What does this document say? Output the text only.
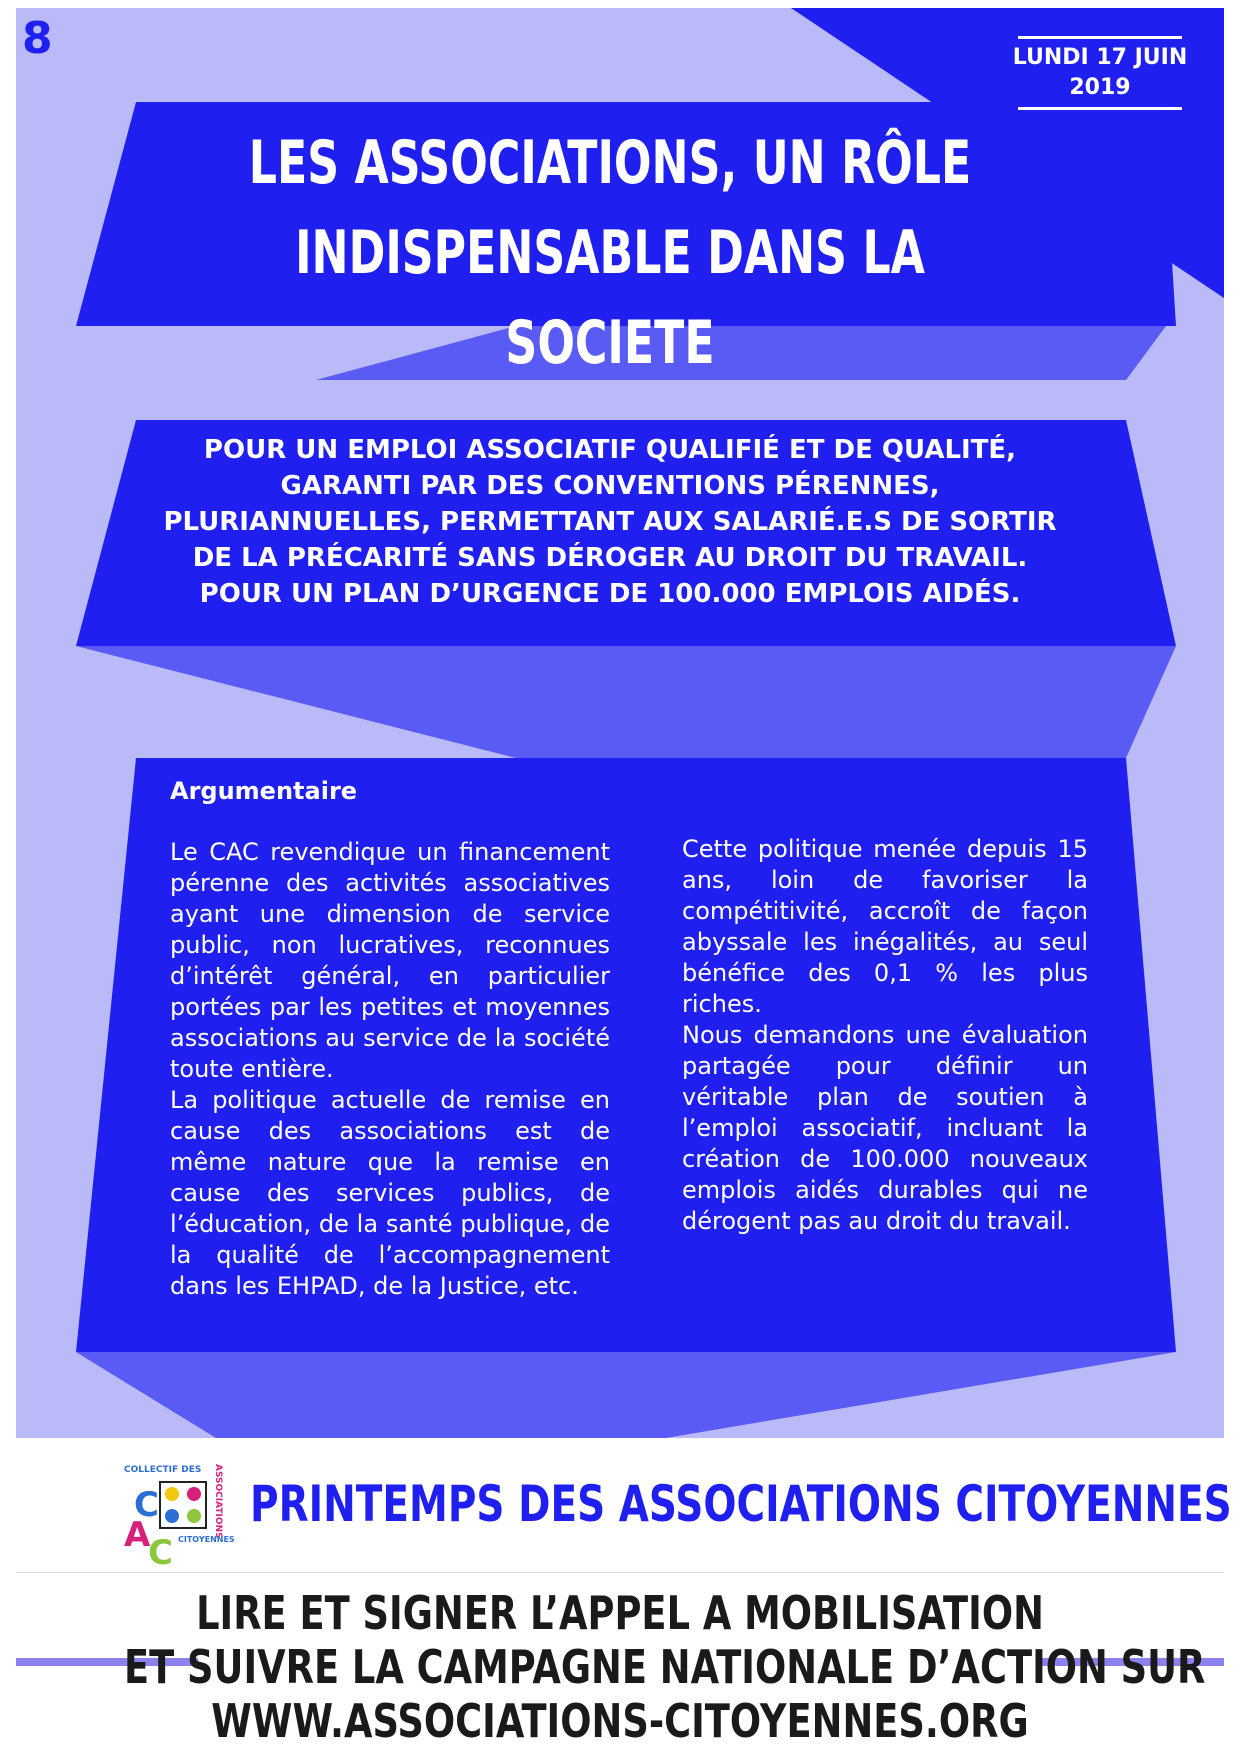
8	LUNDI 17 JUIN
2019
LES ASSOCIATIONS, UN RÔLE
INDISPENSABLE DANS LA SOCIETE
POUR UN EMPLOI ASSOCIATIF QUALIFIÉ ET DE QUALITÉ,
GARANTI PAR DES CONVENTIONS PÉRENNES,
PLURIANNUELLES, PERMETTANT AUX SALARIÉ.E.S DE SORTIR
DE LA PRÉCARITÉ SANS DÉROGER AU DROIT DU TRAVAIL.
POUR UN PLAN D’URGENCE DE 100.000 EMPLOIS AIDÉS.
Argumentaire

Le CAC revendique un financement pérenne des activités associatives ayant une dimension de service public, non lucratives, reconnues d’intérêt général, en particulier portées par les petites et moyennes associations au service de la société toute entière.

La politique actuelle de remise en cause des associations est de même nature que la remise en cause des services publics, de l’éducation, de la santé publique, de la qualité de l’accompagnement dans les EHPAD, de la Justice, etc.

Cette politique menée depuis 15 ans, loin de favoriser la compétitivité, accroît de façon abyssale les inégalités, au seul bénéfice des 0,1 % les plus riches.

Nous demandons une évaluation partagée pour définir un véritable plan de soutien à l’emploi associatif, incluant la création de 100.000 nouveaux emplois aidés durables qui ne dérogent pas au droit du travail.

COLLECTIF DES ASSOCIATIONS
C
A
C CITOYENNES
PRINTEMPS DES ASSOCIATIONS CITOYENNES
LIRE ET SIGNER L’APPEL A MOBILISATION
ET SUIVRE LA CAMPAGNE NATIONALE D’ACTION SUR
WWW.ASSOCIATIONS-CITOYENNES.ORG
